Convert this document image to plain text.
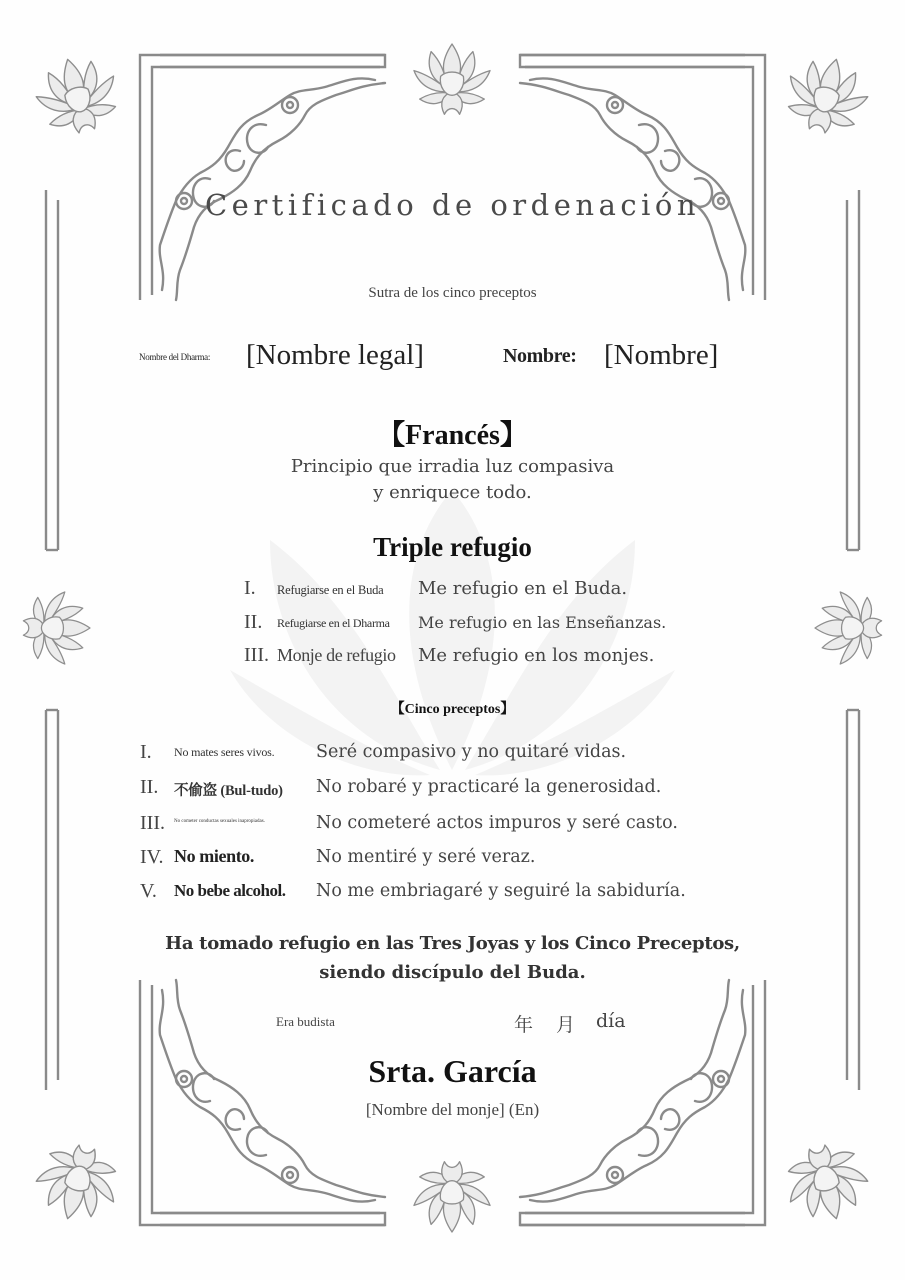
Certificado de ordenación
Sutra de los cinco preceptos
Nombre del Dharma: [Nombre legal]	Nombre: [Nombre]
【Francés】
Principio que irradia luz compasiva
y enriquece todo.
Triple refugio
I. Refugiarse en el Buda Me refugio en el Buda.
II. Refugiarse en el Dharma Me refugio en las Enseñanzas.
III. Monje de refugio Me refugio en los monjes.
【Cinco preceptos】
I. No mates seres vivos. Seré compasivo y no quitaré vidas.
II. 不偷盗 (Bul-tudo) No robaré y practicaré la generosidad.
III. No cometer conductas sexuales inapropiadas.	No cometeré actos impuros y seré casto.
IV. No miento.	No mentiré y seré veraz.
V. No bebe alcohol. No me embriagaré y seguiré la sabiduría.
Ha tomado refugio en las Tres Joyas y los Cinco Preceptos,
siendo discípulo del Buda.
Era budista	年 月 día
Srta. García
[Nombre del monje] (En)
